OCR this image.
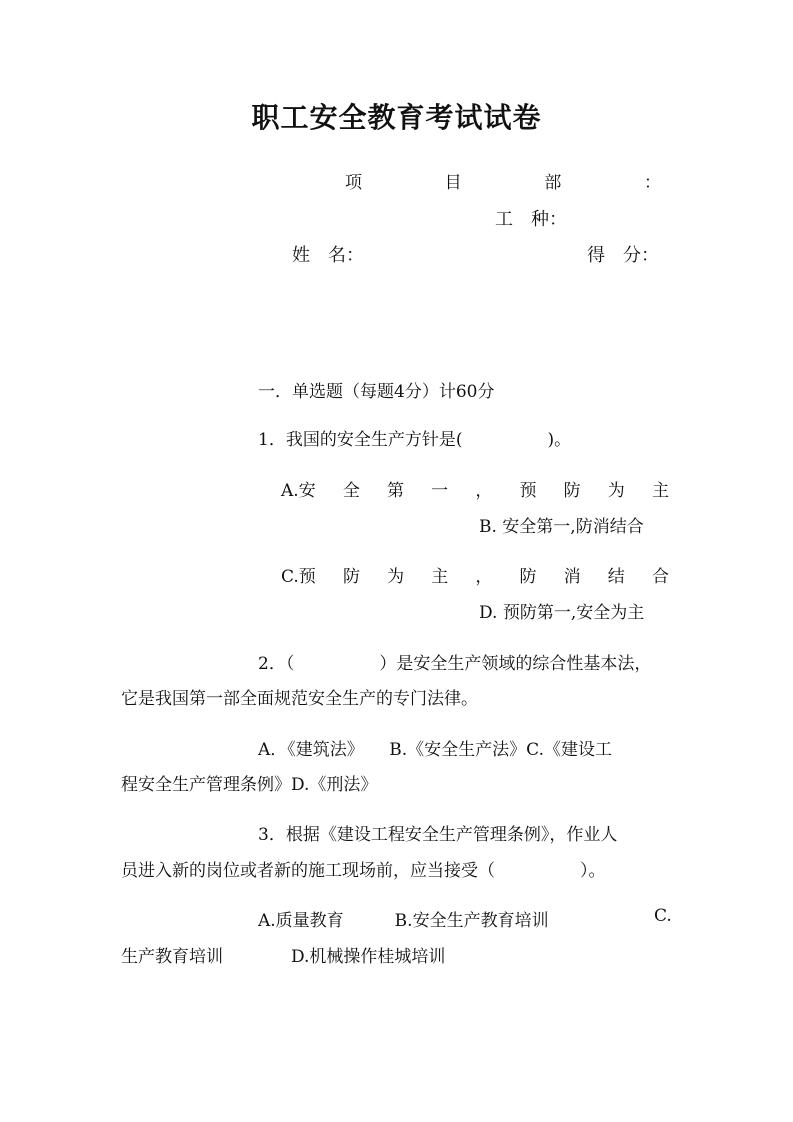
职工安全教育考试试卷
项	目	部	：
工　种：
姓　名：	得　分：
一．单选题（每题4分）计60分
1．我国的安全生产方针是(　　　　　)。
A.安 全 第 一 ， 预 防 为 主
B. 安全第一,防消结合
C.预 防 为 主 ， 防 消 结 合
D. 预防第一,安全为主
2．（　　　　　）是安全生产领域的综合性基本法，
它是我国第一部全面规范安全生产的专门法律。
A．《建筑法》　　B.《安全生产法》C.《建设工
程安全生产管理条例》D.《刑法》
3．根据《建设工程安全生产管理条例》，作业人
员进入新的岗位或者新的施工现场前，应当接受（　　　　　）。
A.质量教育　　　B.安全生产教育培训	C.
生产教育培训　　　　D.机械操作桂城培训
